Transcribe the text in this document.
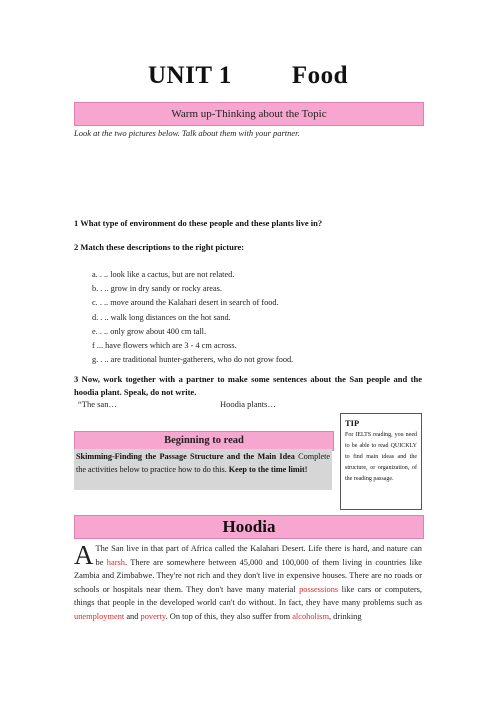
UNIT 1 Food
Warm up-Thinking about the Topic
Look at the two pictures below. Talk about them with your partner.
1 What type of environment do these people and these plants live in?
2 Match these descriptions to the right picture:
a. . .. look like a cactus, but are not related.
b. . .. grow in dry sandy or rocky areas.
c. . .. move around the Kalahari desert in search of food.
d. . .. walk long distances on the hot sand.
e. . .. only grow about 400 cm tall.
f ... have flowers which are 3 - 4 cm across.
g. . .. are traditional hunter-gatherers, who do not grow food.
3 Now, work together with a partner to make some sentences about the San people and the hoodia plant. Speak, do not write.
“The san…	Hoodia plants…
TIP
For IELTS reading, you need to be able to read QUICKLY to find main ideas and the structure, or organization, of the reading passage.
Beginning to read
Skimming-Finding the Passage Structure and the Main Idea Complete the activities below to practice how to do this. Keep to the time limit!
Hoodia
A The San live in that part of Africa called the Kalahari Desert. Life there is hard, and nature can be harsh. There are somewhere between 45,000 and 100,000 of them living in countries like Zambia and Zimbabwe. They're not rich and they don't live in expensive houses. There are no roads or schools or hospitals near them. They don't have many material possessions like cars or computers, things that people in the developed world can't do without. In fact, they have many problems such as unemployment and poverty. On top of this, they also suffer from alcoholism, drinking
